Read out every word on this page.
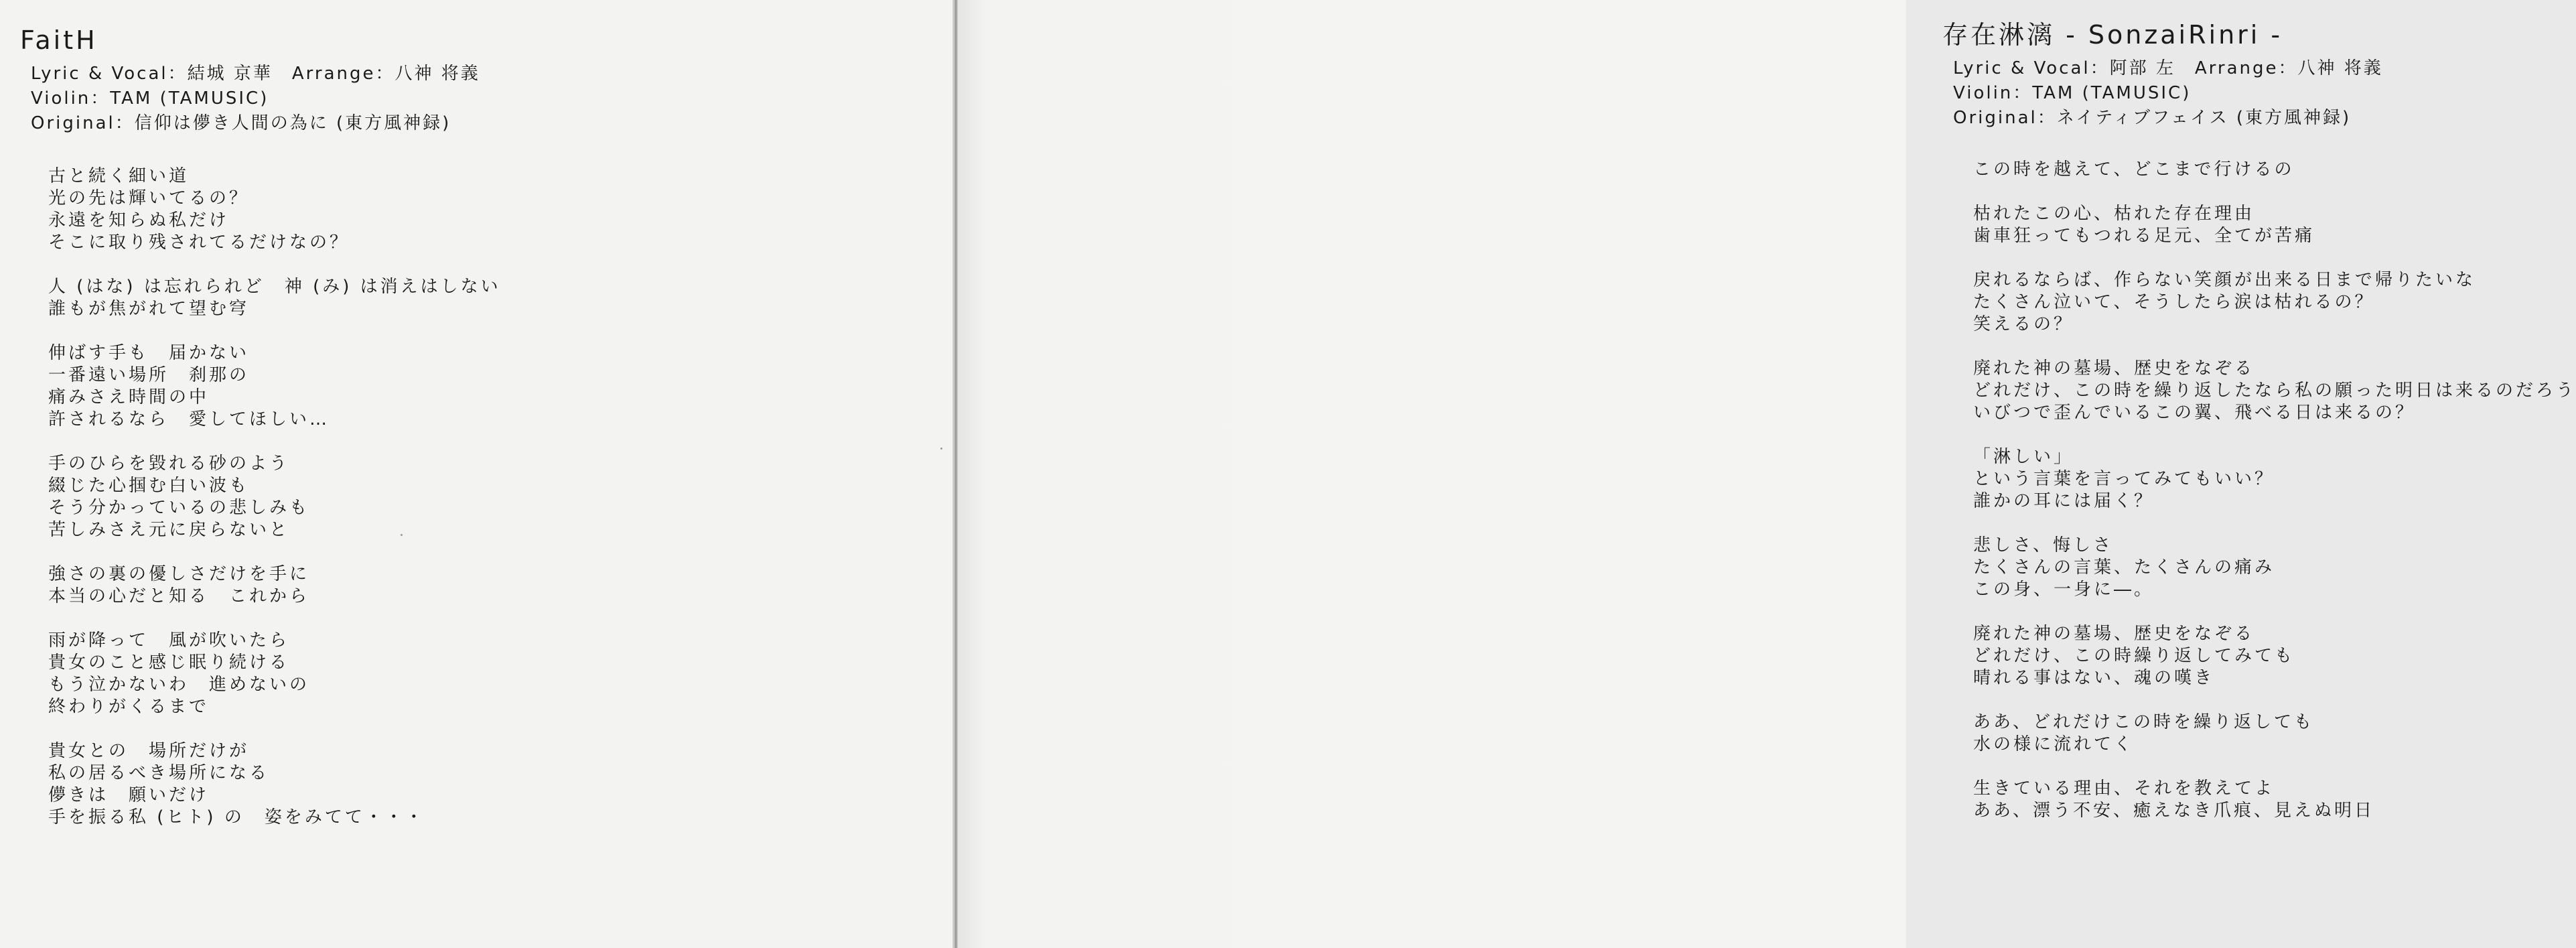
FaitH
Lyric & Vocal：結城 京華　Arrange：八神 将義
Violin：TAM (TAMUSIC)
Original：信仰は儚き人間の為に (東方風神録)
古と続く細い道
光の先は輝いてるの？
永遠を知らぬ私だけ
そこに取り残されてるだけなの？
人 (はな) は忘れられど　神 (み) は消えはしない
誰もが焦がれて望む穹
伸ばす手も　届かない
一番遠い場所　刹那の
痛みさえ時間の中
許されるなら　愛してほしい…
手のひらを毀れる砂のよう
綴じた心掴む白い波も
そう分かっているの悲しみも
苦しみさえ元に戻らないと
強さの裏の優しさだけを手に
本当の心だと知る　これから
雨が降って　風が吹いたら
貴女のこと感じ眠り続ける
もう泣かないわ　進めないの
終わりがくるまで
貴女との　場所だけが
私の居るべき場所になる
儚きは　願いだけ
手を振る私 (ヒト) の　姿をみてて・・・
存在淋漓 - SonzaiRinri -
Lyric & Vocal：阿部 左　Arrange：八神 将義
Violin：TAM (TAMUSIC)
Original：ネイティブフェイス (東方風神録)
この時を越えて、どこまで行けるの
枯れたこの心、枯れた存在理由
歯車狂ってもつれる足元、全てが苦痛
戻れるならば、作らない笑顔が出来る日まで帰りたいな
たくさん泣いて、そうしたら涙は枯れるの？
笑えるの？
廃れた神の墓場、歴史をなぞる
どれだけ、この時を繰り返したなら私の願った明日は来るのだろう
いびつで歪んでいるこの翼、飛べる日は来るの？
「淋しい」
という言葉を言ってみてもいい？
誰かの耳には届く？
悲しさ、悔しさ
たくさんの言葉、たくさんの痛み
この身、一身に―。
廃れた神の墓場、歴史をなぞる
どれだけ、この時繰り返してみても
晴れる事はない、魂の嘆き
ああ、どれだけこの時を繰り返しても
水の様に流れてく
生きている理由、それを教えてよ
ああ、漂う不安、癒えなき爪痕、見えぬ明日
